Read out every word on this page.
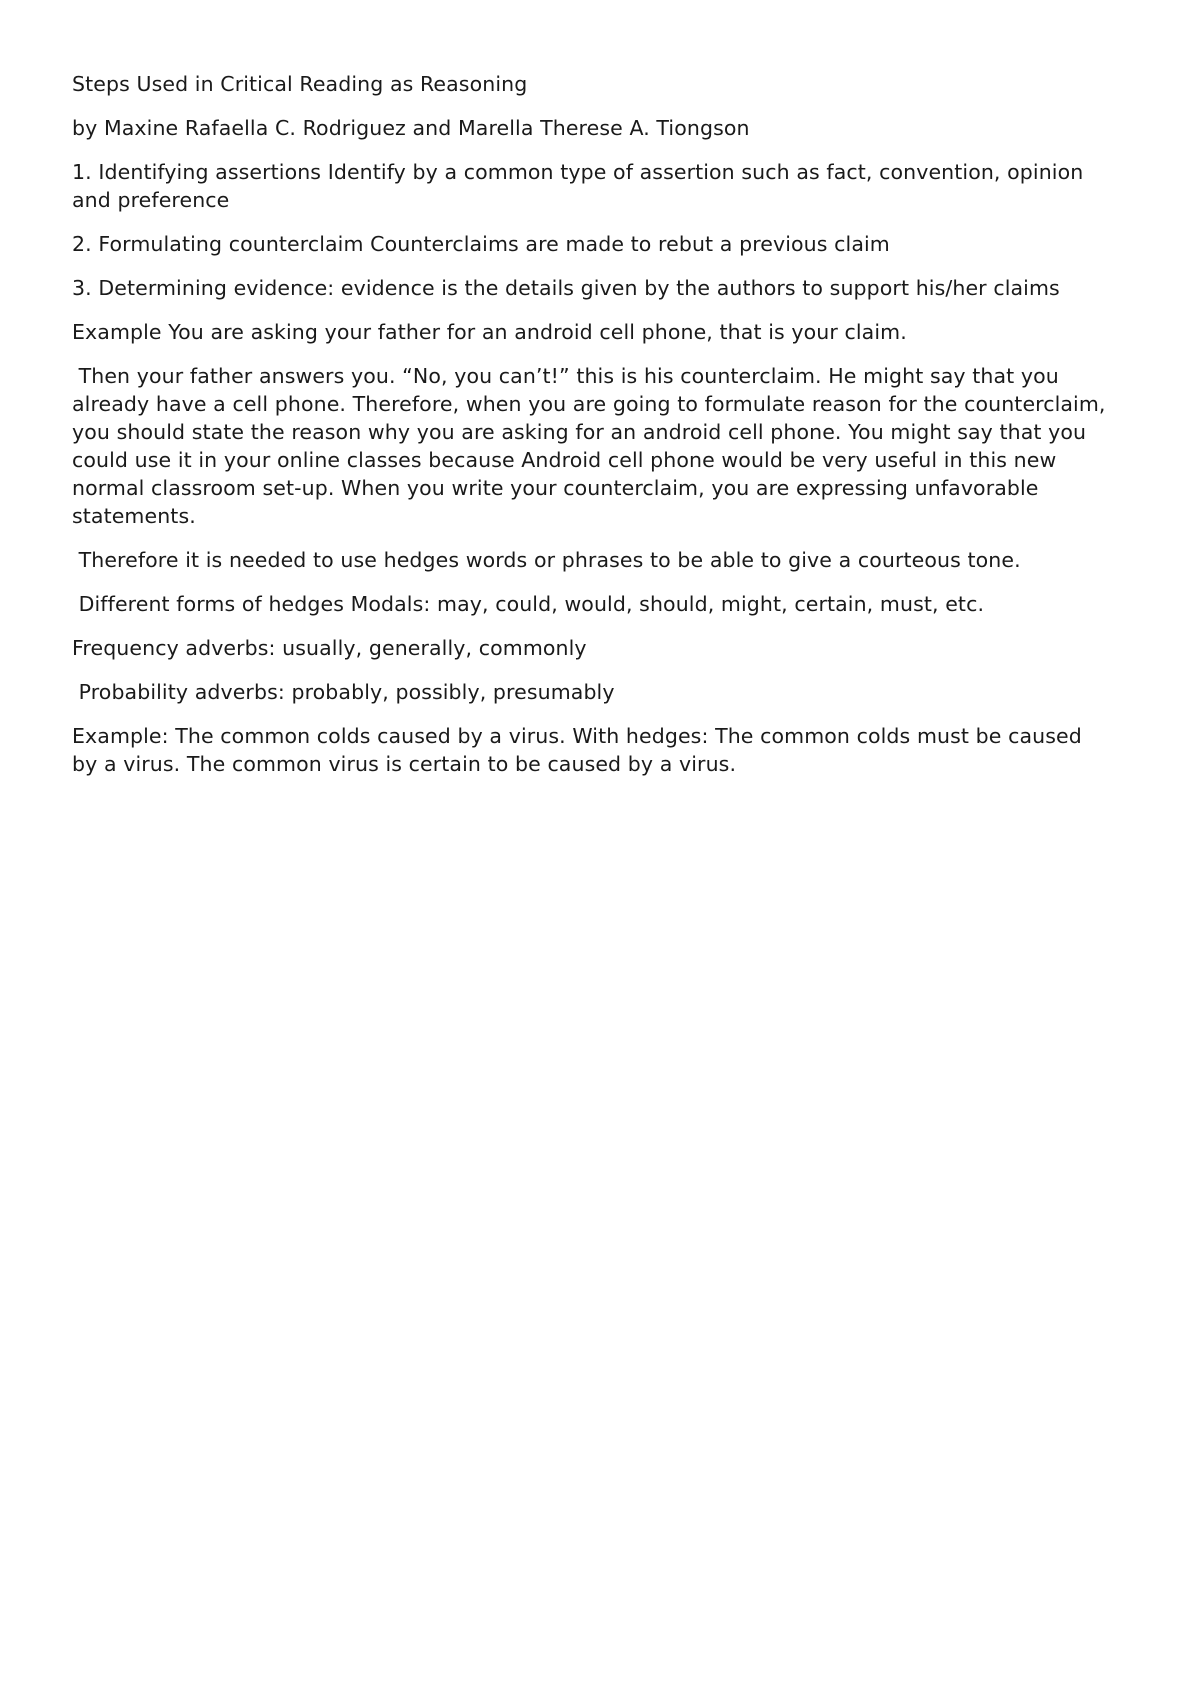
Steps Used in Critical Reading as Reasoning

by Maxine Rafaella C. Rodriguez and Marella Therese A. Tiongson

1. Identifying assertions Identify by a common type of assertion such as fact, convention, opinion and preference

2. Formulating counterclaim Counterclaims are made to rebut a previous claim

3. Determining evidence: evidence is the details given by the authors to support his/her claims

Example You are asking your father for an android cell phone, that is your claim.

Then your father answers you. “No, you can’t!” this is his counterclaim. He might say that you already have a cell phone. Therefore, when you are going to formulate reason for the counterclaim, you should state the reason why you are asking for an android cell phone. You might say that you could use it in your online classes because Android cell phone would be very useful in this new normal classroom set-up. When you write your counterclaim, you are expressing unfavorable statements.

Therefore it is needed to use hedges words or phrases to be able to give a courteous tone.

Different forms of hedges Modals: may, could, would, should, might, certain, must, etc.

Frequency adverbs: usually, generally, commonly

Probability adverbs: probably, possibly, presumably

Example: The common colds caused by a virus. With hedges: The common colds must be caused by a virus. The common virus is certain to be caused by a virus.
